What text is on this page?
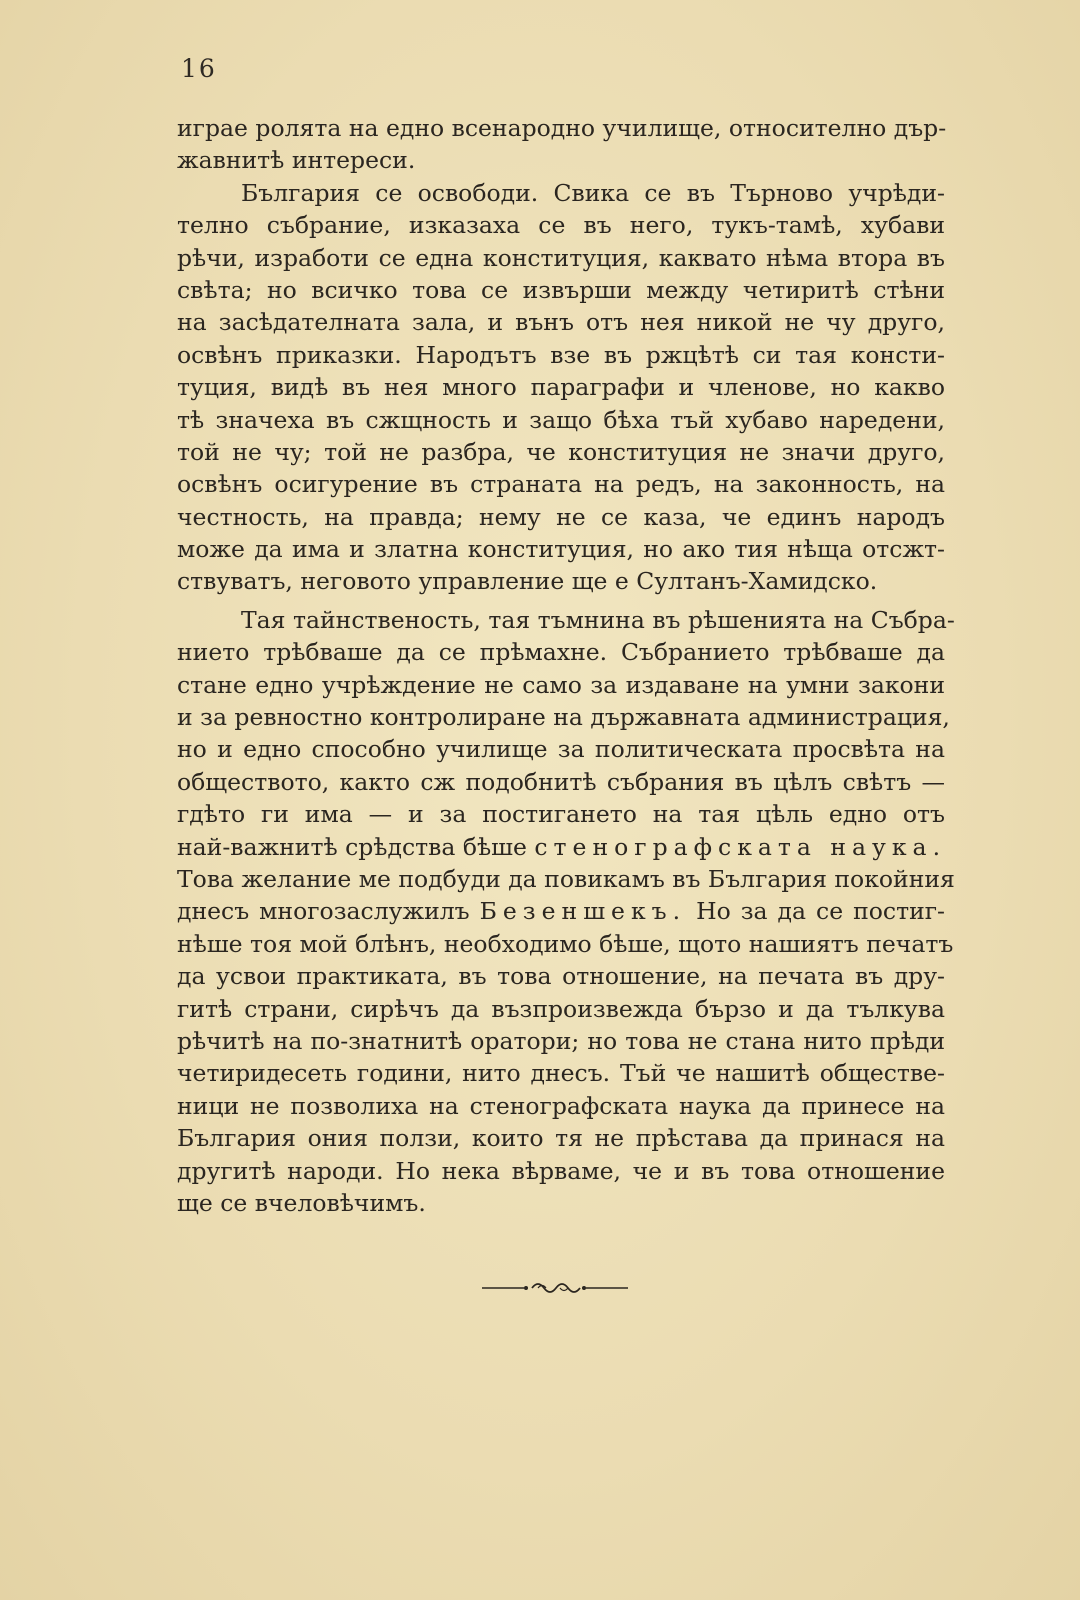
16
играе ролята на едно всенародно училище, относително дър-
жавнитѣ интереси.
България се освободи. Свика се въ Търново учрѣди-
телно събрание, изказаха се въ него, тукъ-тамѣ, хубави
рѣчи, изработи се една конституция, каквато нѣма втора въ
свѣта; но всичко това се извърши между четиритѣ стѣни
на засѣдателната зала, и вънъ отъ нея никой не чу друго,
освѣнъ приказки. Народътъ взе въ ржцѣтѣ си тая консти-
туция, видѣ въ нея много параграфи и членове, но какво
тѣ значеха въ сжщность и защо бѣха тъй хубаво наредени,
той не чу; той не разбра, че конституция не значи друго,
освѣнъ осигурение въ страната на редъ, на законность, на
честность, на правда; нему не се каза, че единъ народъ
може да има и златна конституция, но ако тия нѣща отсжт-
ствуватъ, неговото управление ще е Султанъ-Хамидско.
Тая тайнственость, тая тъмнина въ рѣшенията на Събра-
нието трѣбваше да се прѣмахне. Събранието трѣбваше да
стане едно учрѣждение не само за издаване на умни закони
и за ревностно контролиране на държавната администрация,
но и едно способно училище за политическата просвѣта на
обществото, както сж подобнитѣ събрания въ цѣлъ свѣтъ —
гдѣто ги има — и за постигането на тая цѣль едно отъ
най-важнитѣ срѣдства бѣше стенографската наука.
Това желание ме подбуди да повикамъ въ България покойния
днесъ многозаслужилъ Безеншекъ. Но за да се постиг-
нѣше тоя мой блѣнъ, необходимо бѣше, щото нашиятъ печатъ
да усвои практиката, въ това отношение, на печата въ дру-
гитѣ страни, сирѣчъ да възпроизвежда бързо и да тълкува
рѣчитѣ на по-знатнитѣ оратори; но това не стана нито прѣди
четиридесеть години, нито днесъ. Тъй че нашитѣ обществе-
ници не позволиха на стенографската наука да принесе на
България ония ползи, които тя не прѣстава да принася на
другитѣ народи. Но нека вѣрваме, че и въ това отношение
ще се вчеловѣчимъ.
